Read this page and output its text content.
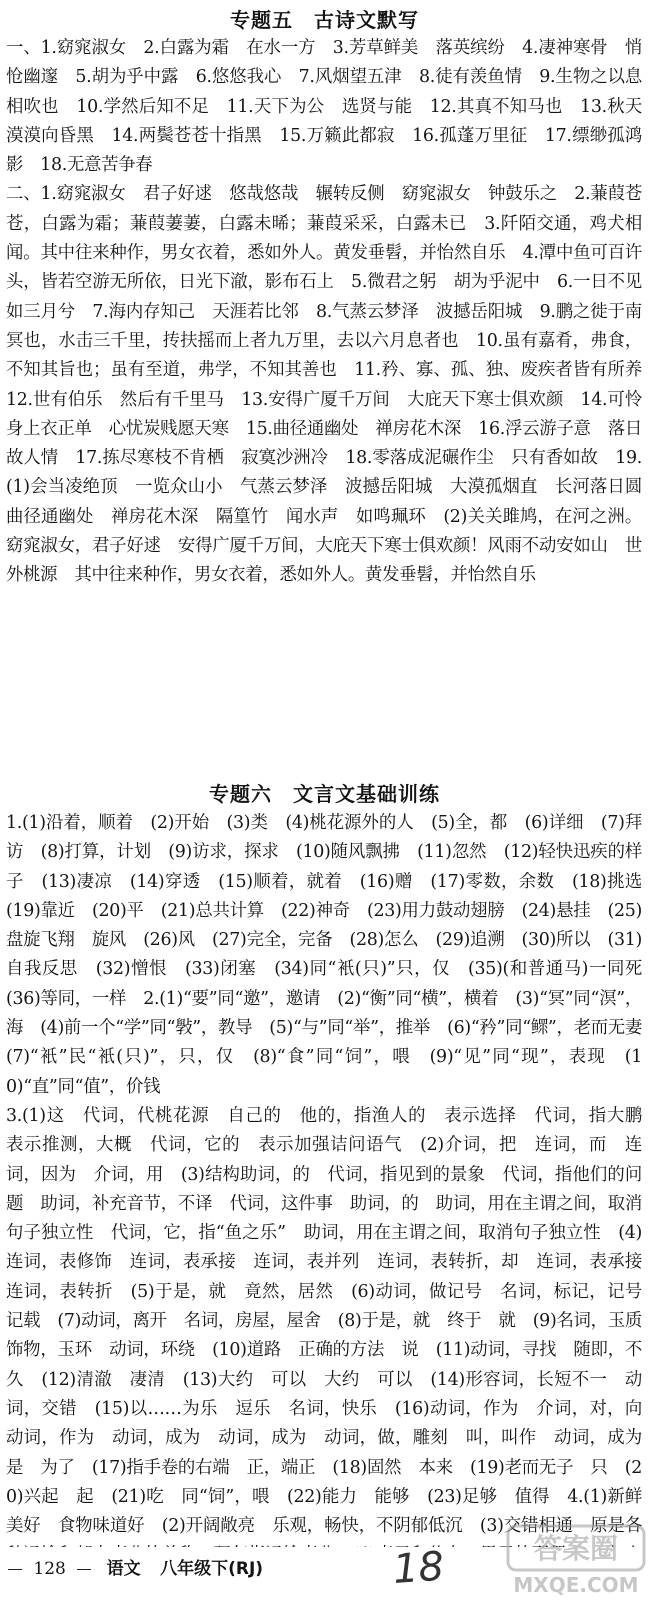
专题五　古诗文默写

一、1.窈窕淑女　2.白露为霜　在水一方　3.芳草鲜美　落英缤纷　4.凄神寒骨　悄怆幽邃　5.胡为乎中露　6.悠悠我心　7.风烟望五津　8.徒有羡鱼情　9.生物之以息相吹也　10.学然后知不足　11.天下为公　选贤与能　12.其真不知马也　13.秋天漠漠向昏黑　14.两鬓苍苍十指黑　15.万籁此都寂　16.孤蓬万里征　17.缥缈孤鸿影　18.无意苦争春

二、1.窈窕淑女　君子好逑　悠哉悠哉　辗转反侧　窈窕淑女　钟鼓乐之　2.蒹葭苍苍，白露为霜；蒹葭萋萋，白露未晞；蒹葭采采，白露未已　3.阡陌交通，鸡犬相闻。其中往来种作，男女衣着，悉如外人。黄发垂髫，并怡然自乐　4.潭中鱼可百许头，皆若空游无所依，日光下澈，影布石上　5.微君之躬　胡为乎泥中　6.一日不见　如三月兮　7.海内存知己　天涯若比邻　8.气蒸云梦泽　波撼岳阳城　9.鹏之徙于南冥也，水击三千里，抟扶摇而上者九万里，去以六月息者也　10.虽有嘉肴，弗食，不知其旨也；虽有至道，弗学，不知其善也　11.矜、寡、孤、独、废疾者皆有所养　12.世有伯乐　然后有千里马　13.安得广厦千万间　大庇天下寒士俱欢颜　14.可怜身上衣正单　心忧炭贱愿天寒　15.曲径通幽处　禅房花木深　16.浮云游子意　落日故人情　17.拣尽寒枝不肯栖　寂寞沙洲冷　18.零落成泥碾作尘　只有香如故　19.(1)会当凌绝顶　一览众山小　气蒸云梦泽　波撼岳阳城　大漠孤烟直　长河落日圆　曲径通幽处　禅房花木深　隔篁竹　闻水声　如鸣珮环　(2)关关雎鸠，在河之洲。窈窕淑女，君子好逑　安得广厦千万间，大庇天下寒士俱欢颜！风雨不动安如山　世外桃源　其中往来种作，男女衣着，悉如外人。黄发垂髫，并怡然自乐

专题六　文言文基础训练

1.(1)沿着，顺着　(2)开始　(3)类　(4)桃花源外的人　(5)全，都　(6)详细　(7)拜访　(8)打算，计划　(9)访求，探求　(10)随风飘拂　(11)忽然　(12)轻快迅疾的样子　(13)凄凉　(14)穿透　(15)顺着，就着　(16)赠　(17)零数，余数　(18)挑选　(19)靠近　(20)平　(21)总共计算　(22)神奇　(23)用力鼓动翅膀　(24)悬挂　(25)盘旋飞翔　旋风　(26)风　(27)完全，完备　(28)怎么　(29)追溯　(30)所以　(31)自我反思　(32)憎恨　(33)闭塞　(34)同“衹(只)”只，仅　(35)(和普通马)一同死　(36)等同，一样　2.(1)“要”同“邀”，邀请　(2)“衡”同“横”，横着　(3)“冥”同“溟”，海　(4)前一个“学”同“斅”，教导　(5)“与”同“举”，推举　(6)“矜”同“鳏”，老而无妻　(7)“衹”民“衹(只)”，只，仅　(8)“食”同“饲”，喂　(9)“见”同“现”，表现　(10)“直”同“值”，价钱

3.(1)这　代词，代桃花源　自己的　他的，指渔人的　表示选择　代词，指大鹏　表示推测，大概　代词，它的　表示加强诘问语气　(2)介词，把　连词，而　连词，因为　介词，用　(3)结构助词，的　代词，指见到的景象　代词，指他们的问题　助词，补充音节，不译　代词，这件事　助词，的　助词，用在主谓之间，取消句子独立性　代词，它，指“鱼之乐”　助词，用在主谓之间，取消句子独立性　(4)连词，表修饰　连词，表承接　连词，表并列　连词，表转折，却　连词，表承接　连词，表转折　(5)于是，就　竟然，居然　(6)动词，做记号　名词，标记，记号　记载　(7)动词，离开　名词，房屋，屋舍　(8)于是，就　终于　就　(9)名词，玉质饰物，玉环　动词，环绕　(10)道路　正确的方法　说　(11)动词，寻找　随即，不久　(12)清澈　凄清　(13)大约　可以　大约　可以　(14)形容词，长短不一　动词，交错　(15)以……为乐　逗乐　名词，快乐　(16)动词，作为　介词，对，向　动词，作为　动词，成为　动词，成为　动词，做，雕刻　叫，叫作　动词，成为　是　为了　(17)指手卷的右端　正，端正　(18)固然　本来　(19)老而无子　只　(20)兴起　起　(21)吃　同“饲”，喂　(22)能力　能够　(23)足够　值得　4.(1)新鲜美好　食物味道好　(2)开阔敞亮　乐观，畅快，不阴郁低沉　(3)交错相通　原是各　　　　　　　　　　　　　　　　　　　　　　　　　　　　　　　　　

128 语文 八年级下(RJ)	18	答案圈
MXQE.COM
